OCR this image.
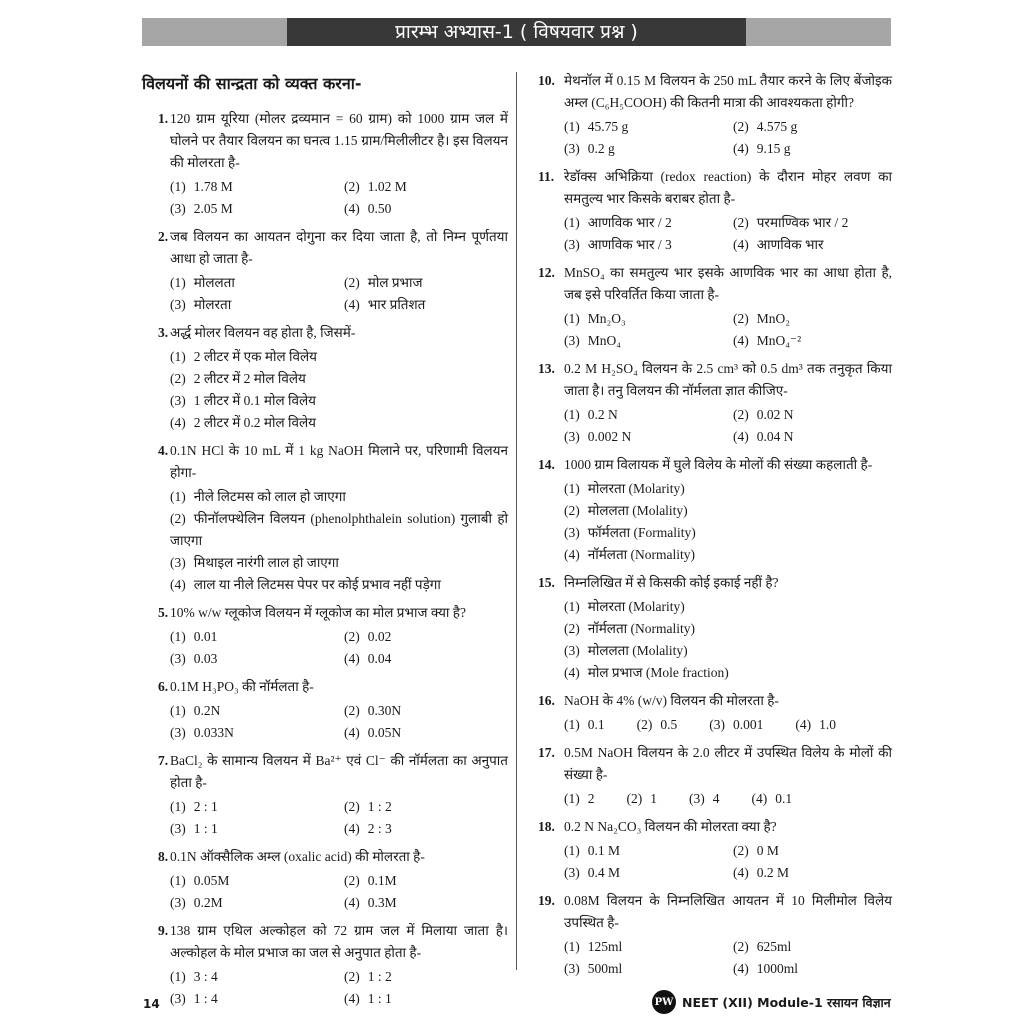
प्रारम्भ अभ्यास-1 ( विषयवार प्रश्न )
विलयनों की सान्द्रता को व्यक्त करना-
1. 120 ग्राम यूरिया (मोलर द्रव्यमान = 60 ग्राम) को 1000 ग्राम जल में घोलने पर तैयार विलयन का घनत्व 1.15 ग्राम/मिलीलीटर है। इस विलयन की मोलरता है-
(1) 1.78 M	(2) 1.02 M
(3) 2.05 M	(4) 0.50
2. जब विलयन का आयतन दोगुना कर दिया जाता है, तो निम्न पूर्णतया आधा हो जाता है-
(1) मोललता	(2) मोल प्रभाज
(3) मोलरता	(4) भार प्रतिशत
3. अर्द्ध मोलर विलयन वह होता है, जिसमें-
(1) 2 लीटर में एक मोल विलेय
(2) 2 लीटर में 2 मोल विलेय
(3) 1 लीटर में 0.1 मोल विलेय
(4) 2 लीटर में 0.2 मोल विलेय
4. 0.1N HCl के 10 mL में 1 kg NaOH मिलाने पर, परिणामी विलयन होगा-
(1) नीले लिटमस को लाल हो जाएगा
(2) फीनॉलफ्थेलिन विलयन (phenolphthalein solution) गुलाबी हो जाएगा
(3) मिथाइल नारंगी लाल हो जाएगा
(4) लाल या नीले लिटमस पेपर पर कोई प्रभाव नहीं पड़ेगा
5. 10% w/w ग्लूकोज विलयन में ग्लूकोज का मोल प्रभाज क्या है?
(1) 0.01	(2) 0.02
(3) 0.03	(4) 0.04
6. 0.1M H₃PO₃ की नॉर्मलता है-
(1) 0.2N	(2) 0.30N
(3) 0.033N	(4) 0.05N
7. BaCl₂ के सामान्य विलयन में Ba²⁺ एवं Cl⁻ की नॉर्मलता का अनुपात होता है-
(1) 2 : 1	(2) 1 : 2
(3) 1 : 1	(4) 2 : 3
8. 0.1N ऑक्सैलिक अम्ल (oxalic acid) की मोलरता है-
(1) 0.05M	(2) 0.1M
(3) 0.2M	(4) 0.3M
9. 138 ग्राम एथिल अल्कोहल को 72 ग्राम जल में मिलाया जाता है। अल्कोहल के मोल प्रभाज का जल से अनुपात होता है-
(1) 3 : 4	(2) 1 : 2
(3) 1 : 4	(4) 1 : 1
10. मेथनॉल में 0.15 M विलयन के 250 mL तैयार करने के लिए बेंजोइक अम्ल (C₆H₅COOH) की कितनी मात्रा की आवश्यकता होगी?
(1) 45.75 g	(2) 4.575 g
(3) 0.2 g	(4) 9.15 g
11. रेडॉक्स अभिक्रिया (redox reaction) के दौरान मोहर लवण का समतुल्य भार किसके बराबर होता है-
(1) आणविक भार / 2	(2) परमाण्विक भार / 2
(3) आणविक भार / 3	(4) आणविक भार
12. MnSO₄ का समतुल्य भार इसके आणविक भार का आधा होता है, जब इसे परिवर्तित किया जाता है-
(1) Mn₂O₃	(2) MnO₂
(3) MnO₄	(4) MnO₄⁻²
13. 0.2 M H₂SO₄ विलयन के 2.5 cm³ को 0.5 dm³ तक तनुकृत किया जाता है। तनु विलयन की नॉर्मलता ज्ञात कीजिए-
(1) 0.2 N	(2) 0.02 N
(3) 0.002 N	(4) 0.04 N
14. 1000 ग्राम विलायक में घुले विलेय के मोलों की संख्या कहलाती है-
(1) मोलरता (Molarity)
(2) मोललता (Molality)
(3) फॉर्मलता (Formality)
(4) नॉर्मलता (Normality)
15. निम्नलिखित में से किसकी कोई इकाई नहीं है?
(1) मोलरता (Molarity)
(2) नॉर्मलता (Normality)
(3) मोललता (Molality)
(4) मोल प्रभाज (Mole fraction)
16. NaOH के 4% (w/v) विलयन की मोलरता है-
(1) 0.1 (2) 0.5 (3) 0.001 (4) 1.0
17. 0.5M NaOH विलयन के 2.0 लीटर में उपस्थित विलेय के मोलों की संख्या है-
(1) 2 (2) 1 (3) 4 (4) 0.1
18. 0.2 N Na₂CO₃ विलयन की मोलरता क्या है?
(1) 0.1 M	(2) 0 M
(3) 0.4 M	(4) 0.2 M
19. 0.08M विलयन के निम्नलिखित आयतन में 10 मिलीमोल विलेय उपस्थित है-
(1) 125ml	(2) 625ml
(3) 500ml	(4) 1000ml
14	PW NEET (XII) Module-1 रसायन विज्ञान
